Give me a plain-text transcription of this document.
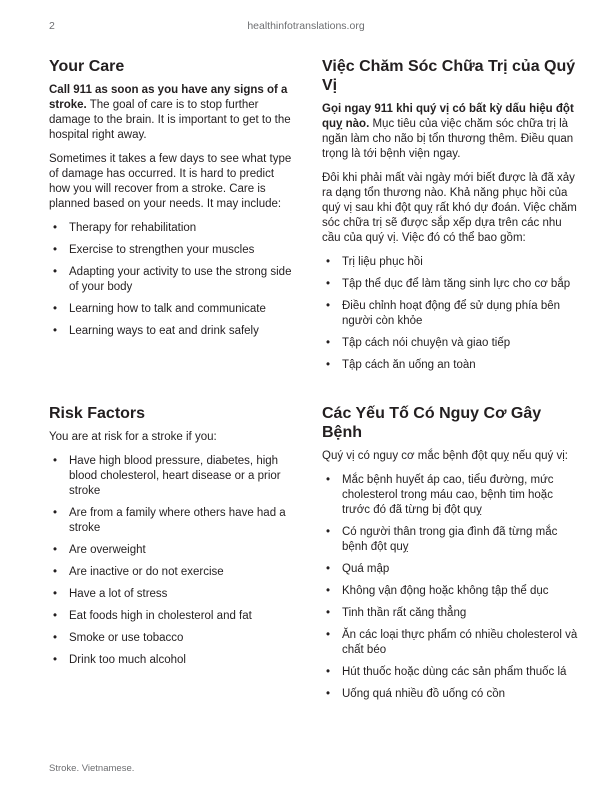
2	healthinfotranslations.org
Your Care

Call 911 as soon as you have any signs of a stroke. The goal of care is to stop further damage to the brain. It is important to get to the hospital right away.

Sometimes it takes a few days to see what type of damage has occurred. It is hard to predict how you will recover from a stroke. Care is planned based on your needs. It may include:

• Therapy for rehabilitation
• Exercise to strengthen your muscles
• Adapting your activity to use the strong side of your body
• Learning how to talk and communicate
• Learning ways to eat and drink safely
Việc Chăm Sóc Chữa Trị của Quý Vị

Gọi ngay 911 khi quý vị có bất kỳ dấu hiệu đột quỵ nào. Mục tiêu của việc chăm sóc chữa trị là ngăn làm cho não bị tổn thương thêm. Điều quan trọng là tới bệnh viện ngay.

Đôi khi phải mất vài ngày mới biết được là đã xảy ra dạng tổn thương nào. Khả năng phục hồi của quý vị sau khi đột quỵ rất khó dự đoán. Việc chăm sóc chữa trị sẽ được sắp xếp dựa trên các nhu cầu của quý vị. Việc đó có thể bao gồm:

• Trị liệu phục hồi
• Tập thể dục để làm tăng sinh lực cho cơ bắp
• Điều chỉnh hoạt động để sử dụng phía bên người còn khỏe
• Tập cách nói chuyện và giao tiếp
• Tập cách ăn uống an toàn
Risk Factors

You are at risk for a stroke if you:

• Have high blood pressure, diabetes, high blood cholesterol, heart disease or a prior stroke
• Are from a family where others have had a stroke
• Are overweight
• Are inactive or do not exercise
• Have a lot of stress
• Eat foods high in cholesterol and fat
• Smoke or use tobacco
• Drink too much alcohol
Các Yếu Tố Có Nguy Cơ Gây Bệnh

Quý vị có nguy cơ mắc bệnh đột quỵ nếu quý vị:

• Mắc bệnh huyết áp cao, tiểu đường, mức cholesterol trong máu cao, bệnh tim hoặc trước đó đã từng bị đột quỵ
• Có người thân trong gia đình đã từng mắc bệnh đột quỵ
• Quá mập
• Không vận động hoặc không tập thể dục
• Tinh thần rất căng thẳng
• Ăn các loại thực phẩm có nhiều cholesterol và chất béo
• Hút thuốc hoặc dùng các sản phẩm thuốc lá
• Uống quá nhiều đồ uống có cồn
Stroke. Vietnamese.
